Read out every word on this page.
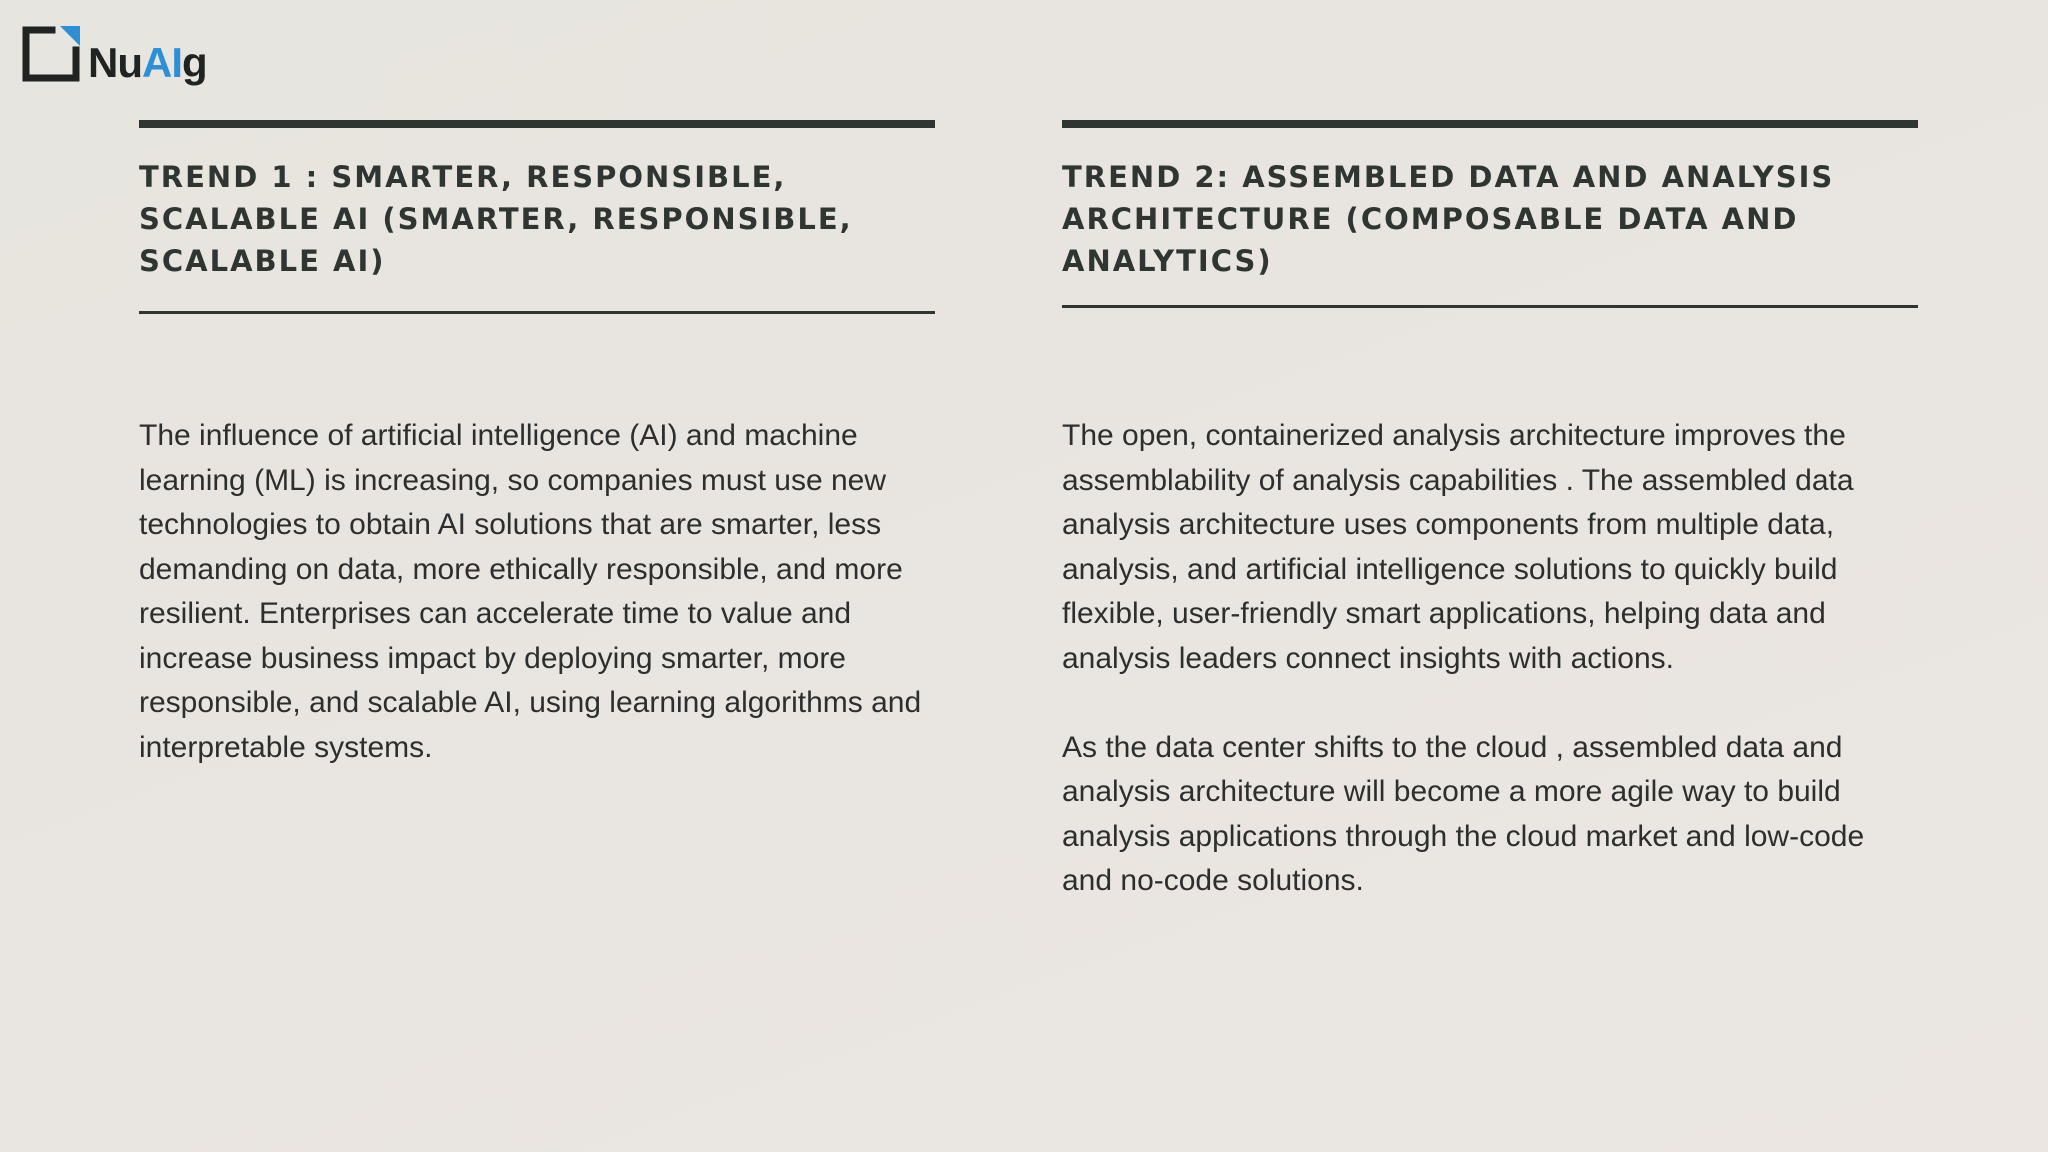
NuAIg
TREND 1 : SMARTER, RESPONSIBLE, SCALABLE AI (SMARTER, RESPONSIBLE, SCALABLE AI)

The influence of artificial intelligence (AI) and machine learning (ML) is increasing, so companies must use new technologies to obtain AI solutions that are smarter, less demanding on data, more ethically responsible, and more resilient. Enterprises can accelerate time to value and increase business impact by deploying smarter, more responsible, and scalable AI, using learning algorithms and interpretable systems.

TREND 2: ASSEMBLED DATA AND ANALYSIS ARCHITECTURE (COMPOSABLE DATA AND ANALYTICS)

The open, containerized analysis architecture improves the assemblability of analysis capabilities . The assembled data analysis architecture uses components from multiple data, analysis, and artificial intelligence solutions to quickly build flexible, user-friendly smart applications, helping data and analysis leaders connect insights with actions.

As the data center shifts to the cloud , assembled data and analysis architecture will become a more agile way to build analysis applications through the cloud market and low-code and no-code solutions.
